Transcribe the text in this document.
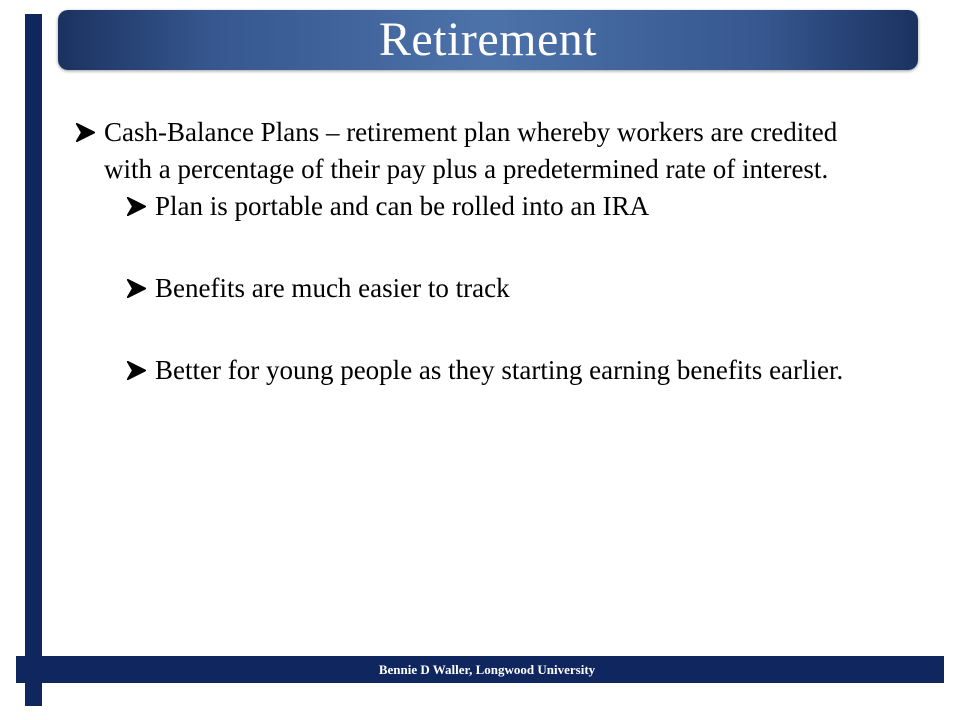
Retirement
Cash-Balance Plans – retirement plan whereby workers are credited with a percentage of their pay plus a predetermined rate of interest.
Plan is portable and can be rolled into an IRA
Benefits are much easier to track
Better for young people as they starting earning benefits earlier.
Bennie D Waller, Longwood University
